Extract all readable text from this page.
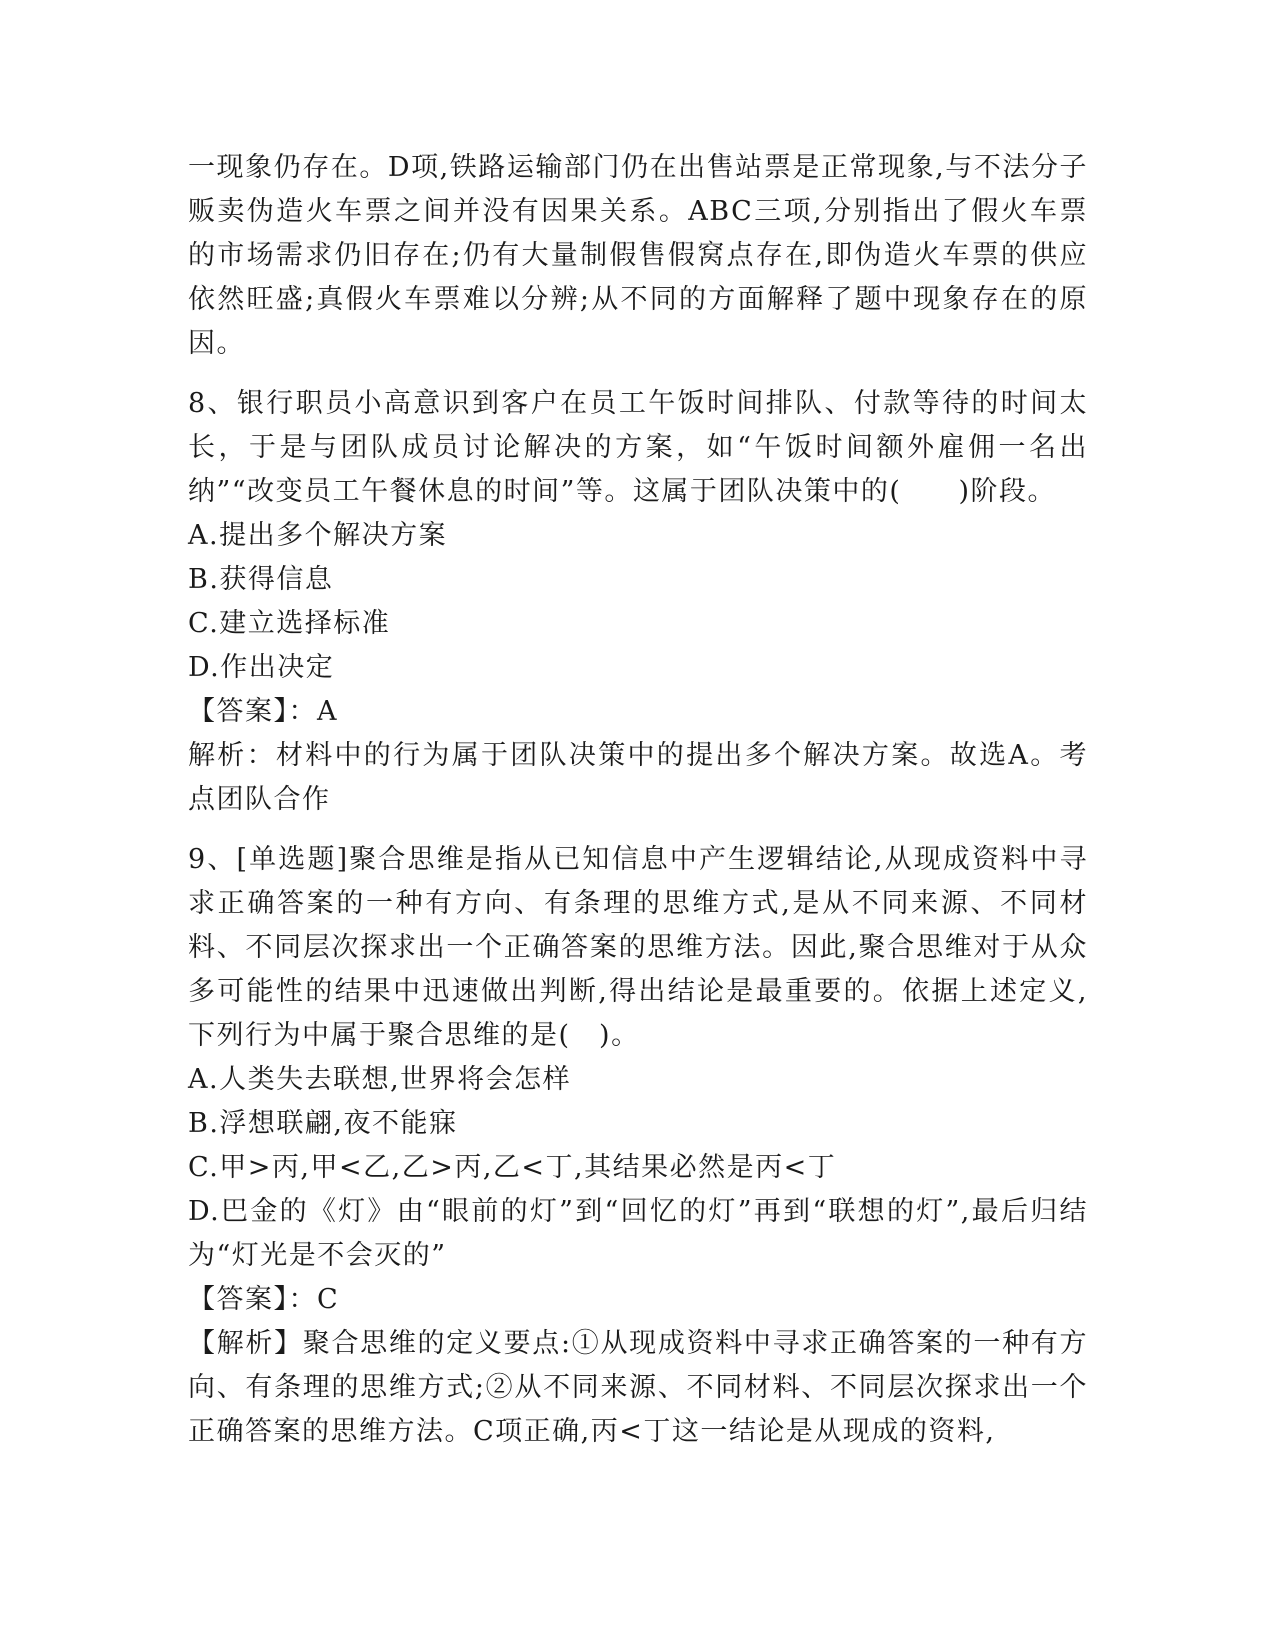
一现象仍存在。D项,铁路运输部门仍在出售站票是正常现象,与不法分子贩卖伪造火车票之间并没有因果关系。ABC三项,分别指出了假火车票的市场需求仍旧存在;仍有大量制假售假窝点存在,即伪造火车票的供应依然旺盛;真假火车票难以分辨;从不同的方面解释了题中现象存在的原因。

8、银行职员小高意识到客户在员工午饭时间排队、付款等待的时间太长，于是与团队成员讨论解决的方案，如“午饭时间额外雇佣一名出纳”“改变员工午餐休息的时间”等。这属于团队决策中的(　　)阶段。

A.提出多个解决方案
B.获得信息
C.建立选择标准
D.作出决定
【答案】：A

解析：材料中的行为属于团队决策中的提出多个解决方案。故选A。考点团队合作

9、[单选题]聚合思维是指从已知信息中产生逻辑结论,从现成资料中寻求正确答案的一种有方向、有条理的思维方式,是从不同来源、不同材料、不同层次探求出一个正确答案的思维方法。因此,聚合思维对于从众多可能性的结果中迅速做出判断,得出结论是最重要的。依据上述定义,下列行为中属于聚合思维的是(　)。

A.人类失去联想,世界将会怎样
B.浮想联翩,夜不能寐
C.甲>丙,甲<乙,乙>丙,乙<丁,其结果必然是丙<丁

D.巴金的《灯》由“眼前的灯”到“回忆的灯”再到“联想的灯”,最后归结为“灯光是不会灭的”

【答案】：C

【解析】聚合思维的定义要点:①从现成资料中寻求正确答案的一种有方向、有条理的思维方式;②从不同来源、不同材料、不同层次探求出一个正确答案的思维方法。C项正确,丙<丁这一结论是从现成的资料,
